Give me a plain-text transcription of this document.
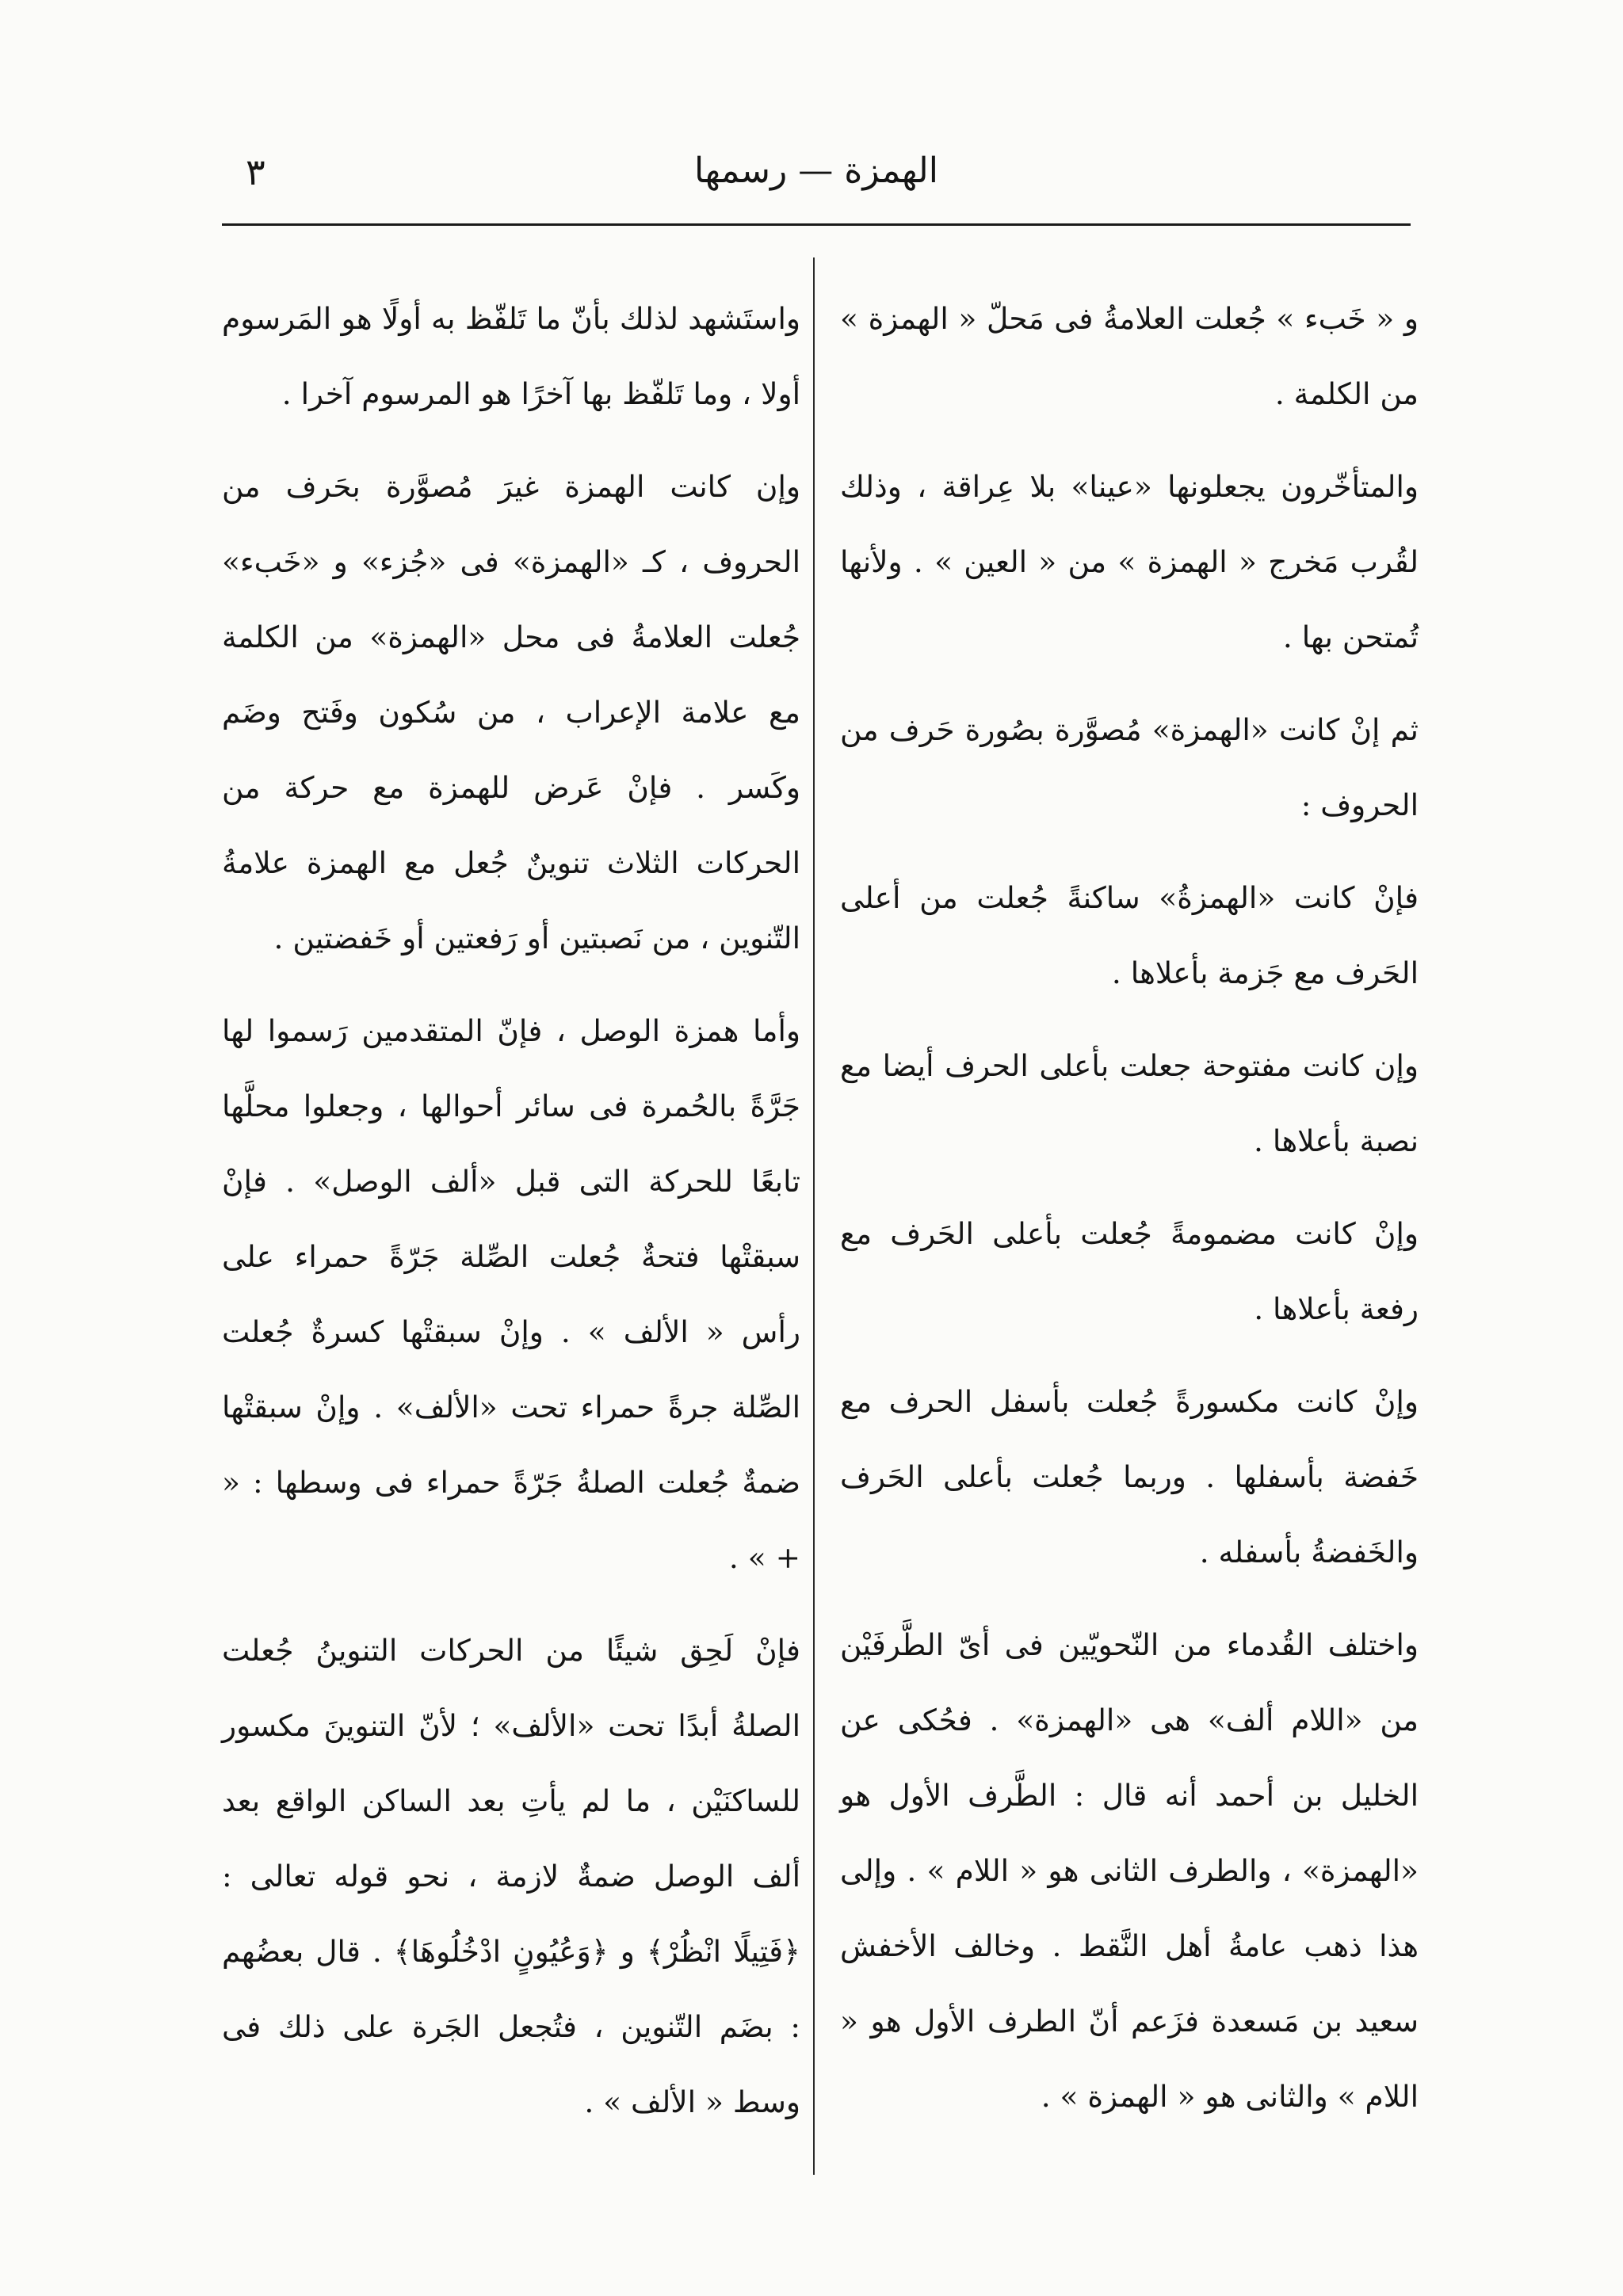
٣	الهمزة — رسمها

و « خَبء » جُعلت العلامةُ فى مَحلّ « الهمزة » من الكلمة .

والمتأخّرون يجعلونها «عينا» بلا عِراقة ، وذلك لقُرب مَخرج « الهمزة » من « العين » . ولأنها تُمتحن بها .

ثم إنْ كانت «الهمزة» مُصوَّرة بصُورة حَرف من الحروف :

فإنْ كانت «الهمزةُ» ساكنةً جُعلت من أعلى الحَرف مع جَزمة بأعلاها .

وإن كانت مفتوحة جعلت بأعلى الحرف أيضا مع نصبة بأعلاها .

وإنْ كانت مضمومةً جُعلت بأعلى الحَرف مع رفعة بأعلاها .

وإنْ كانت مكسورةً جُعلت بأسفل الحرف مع خَفضة بأسفلها . وربما جُعلت بأعلى الحَرف والخَفضةُ بأسفله .

واختلف القُدماء من النّحويّين فى أىّ الطَّرفَيْن من «اللام ألف» هى «الهمزة» . فحُكى عن الخليل بن أحمد أنه قال : الطَّرف الأول هو «الهمزة» ، والطرف الثانى هو « اللام » . وإلى هذا ذهب عامةُ أهل النَّقط . وخالف الأخفش سعيد بن مَسعدة فزَعم أنّ الطرف الأول هو « اللام » والثانى هو « الهمزة » .

واستَشهد لذلك بأنّ ما تَلفّظ به أولًا هو المَرسوم أولا ، وما تَلفّظ بها آخرًا هو المرسوم آخرا .

وإن كانت الهمزة غيرَ مُصوَّرة بحَرف من الحروف ، كـ «الهمزة» فى «جُزء» و «خَبء» جُعلت العلامةُ فى محل «الهمزة» من الكلمة مع علامة الإعراب ، من سُكون وفَتح وضَم وكَسر . فإنْ عَرض للهمزة مع حركة من الحركات الثلاث تنوينٌ جُعل مع الهمزة علامةُ التّنوين ، من نَصبتين أو رَفعتين أو خَفضتين .

وأما همزة الوصل ، فإنّ المتقدمين رَسموا لها جَرَّةً بالحُمرة فى سائر أحوالها ، وجعلوا محلَّها تابعًا للحركة التى قبل «ألف الوصل» . فإنْ سبقتْها فتحةٌ جُعلت الصِّلة جَرّةً حمراء على رأس « الألف » . وإنْ سبقتْها كسرةٌ جُعلت الصِّلة جرةً حمراء تحت «الألف» . وإنْ سبقتْها ضمةٌ جُعلت الصلةُ جَرّةً حمراء فى وسطها : « + » .

فإنْ لَحِق شيئًا من الحركات التنوينُ جُعلت الصلةُ أبدًا تحت «الألف» ؛ لأنّ التنوينَ مكسور للساكنَيْن ، ما لم يأتِ بعد الساكن الواقع بعد ألف الوصل ضمةٌ لازمة ، نحو قوله تعالى : ﴿فَتِيلًا انْظُرْ﴾ و ﴿وَعُيُونٍ ادْخُلُوهَا﴾ . قال بعضُهم : بضَم التّنوين ، فتُجعل الجَرة على ذلك فى وسط « الألف » .
